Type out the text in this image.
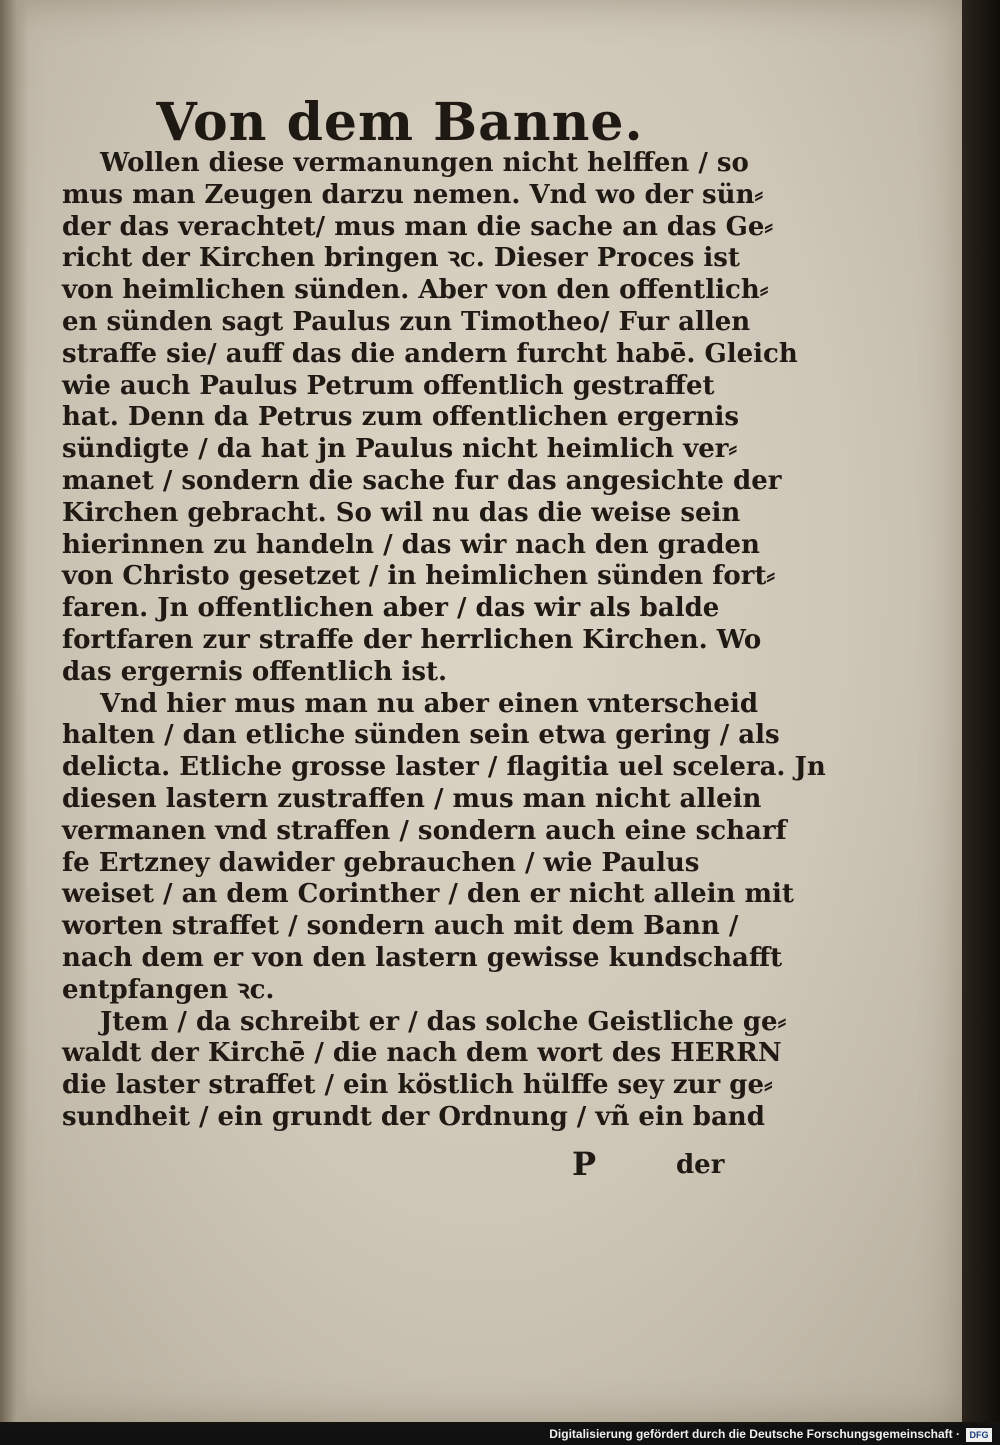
Von dem Banne.
Wollen diese vermanungen nicht helffen / so
mus man Zeugen darzu nemen. Vnd wo der sün⸗
der das verachtet/ mus man die sache an das Ge⸗
richt der Kirchen bringen ꝛc. Dieser Proces ist
von heimlichen sünden. Aber von den offentlich⸗
en sünden sagt Paulus zun Timotheo/ Fur allen
straffe sie/ auff das die andern furcht habē. Gleich
wie auch Paulus Petrum offentlich gestraffet
hat. Denn da Petrus zum offentlichen ergernis
sündigte / da hat jn Paulus nicht heimlich ver⸗
manet / sondern die sache fur das angesichte der
Kirchen gebracht. So wil nu das die weise sein
hierinnen zu handeln / das wir nach den graden
von Christo gesetzet / in heimlichen sünden fort⸗
faren. Jn offentlichen aber / das wir als balde
fortfaren zur straffe der herrlichen Kirchen. Wo
das ergernis offentlich ist.
Vnd hier mus man nu aber einen vnterscheid
halten / dan etliche sünden sein etwa gering / als
delicta. Etliche grosse laster / flagitia uel scelera. Jn
diesen lastern zustraffen / mus man nicht allein
vermanen vnd straffen / sondern auch eine scharf
fe Ertzney dawider gebrauchen / wie Paulus
weiset / an dem Corinther / den er nicht allein mit
worten straffet / sondern auch mit dem Bann /
nach dem er von den lastern gewisse kundschafft
entpfangen ꝛc.
Jtem / da schreibt er / das solche Geistliche ge⸗
waldt der Kirchē / die nach dem wort des HERRN
die laster straffet / ein köstlich hülffe sey zur ge⸗
sundheit / ein grundt der Ordnung / vñ ein band
P	der
Digitalisierung gefördert durch die Deutsche Forschungsgemeinschaft ·	DFG
